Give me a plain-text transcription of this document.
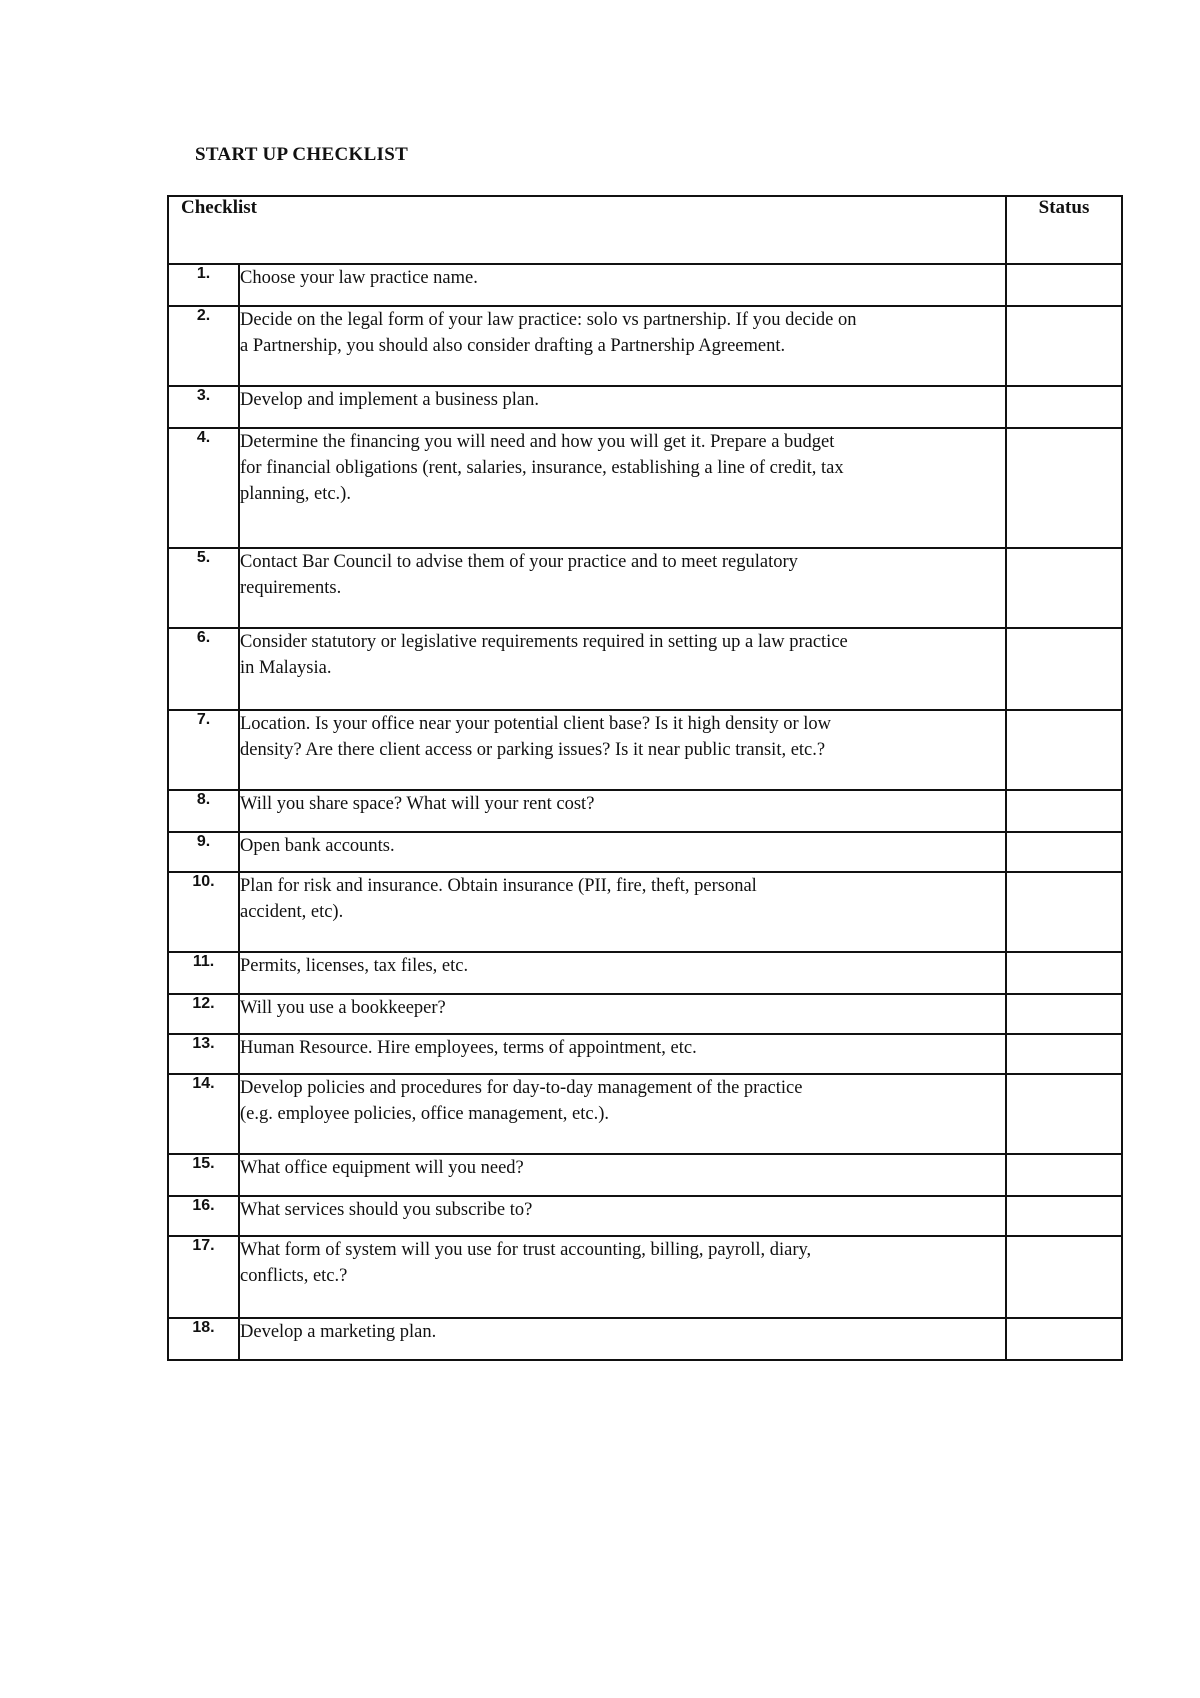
START UP CHECKLIST
Checklist		Status
1.	Choose your law practice name.	

2.	Decide on the legal form of your law practice: solo vs partnership. If you decide on
a Partnership, you should also consider drafting a Partnership Agreement.	

3.	Develop and implement a business plan.	

4.	Determine the financing you will need and how you will get it. Prepare a budget
for financial obligations (rent, salaries, insurance, establishing a line of credit, tax
planning, etc.).	

5.	Contact Bar Council to advise them of your practice and to meet regulatory
requirements.	

6.	Consider statutory or legislative requirements required in setting up a law practice
in Malaysia.	

7.	Location. Is your office near your potential client base? Is it high density or low
density? Are there client access or parking issues? Is it near public transit, etc.?	

8.	Will you share space? What will your rent cost?	

9.	Open bank accounts.	

10.	Plan for risk and insurance. Obtain insurance (PII, fire, theft, personal
accident, etc).	

11.	Permits, licenses, tax files, etc.	

12.	Will you use a bookkeeper?	

13.	Human Resource. Hire employees, terms of appointment, etc.	

14.	Develop policies and procedures for day-to-day management of the practice
(e.g. employee policies, office management, etc.).	

15.	What office equipment will you need?	

16.	What services should you subscribe to?	

17.	What form of system will you use for trust accounting, billing, payroll, diary,
conflicts, etc.?	

18.	Develop a marketing plan.	
